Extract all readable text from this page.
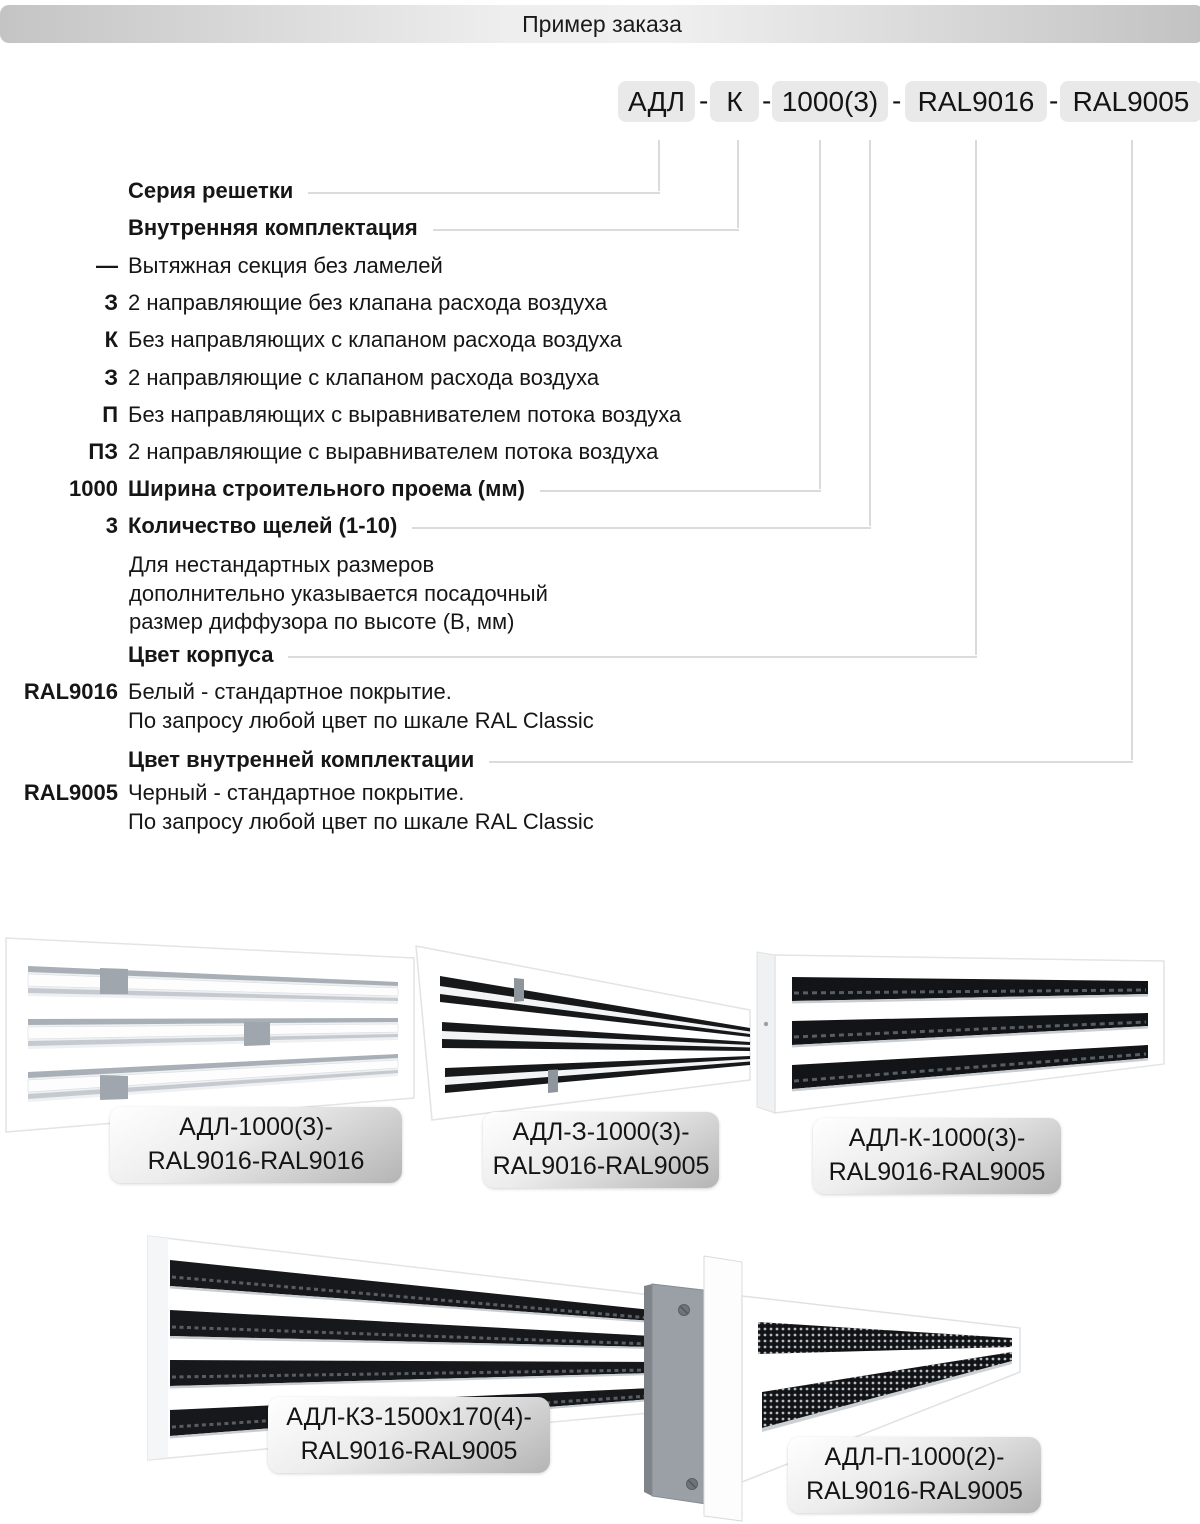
Пример заказа
АДЛ - К - 1000(3) - RAL9016 - RAL9005
Серия решетки
Внутренняя комплектация
— Вытяжная секция без ламелей
З 2 направляющие без клапана расхода воздуха
К Без направляющих с клапаном расхода воздуха
З 2 направляющие с клапаном расхода воздуха
П Без направляющих с выравнивателем потока воздуха
ПЗ 2 направляющие с выравнивателем потока воздуха
1000 Ширина строительного проема (мм)
3 Количество щелей (1-10)
Для нестандартных размеров
дополнительно указывается посадочный
размер диффузора по высоте (В, мм)
Цвет корпуса
RAL9016 Белый - стандартное покрытие.
По запросу любой цвет по шкале RAL Classic
Цвет внутренней комплектации
RAL9005 Черный - стандартное покрытие.
По запросу любой цвет по шкале RAL Classic
АДЛ-1000(3)-
RAL9016-RAL9016
АДЛ-З-1000(3)-
RAL9016-RAL9005
АДЛ-К-1000(3)-
RAL9016-RAL9005
АДЛ-КЗ-1500х170(4)-
RAL9016-RAL9005	АДЛ-П-1000(2)-
RAL9016-RAL9005
